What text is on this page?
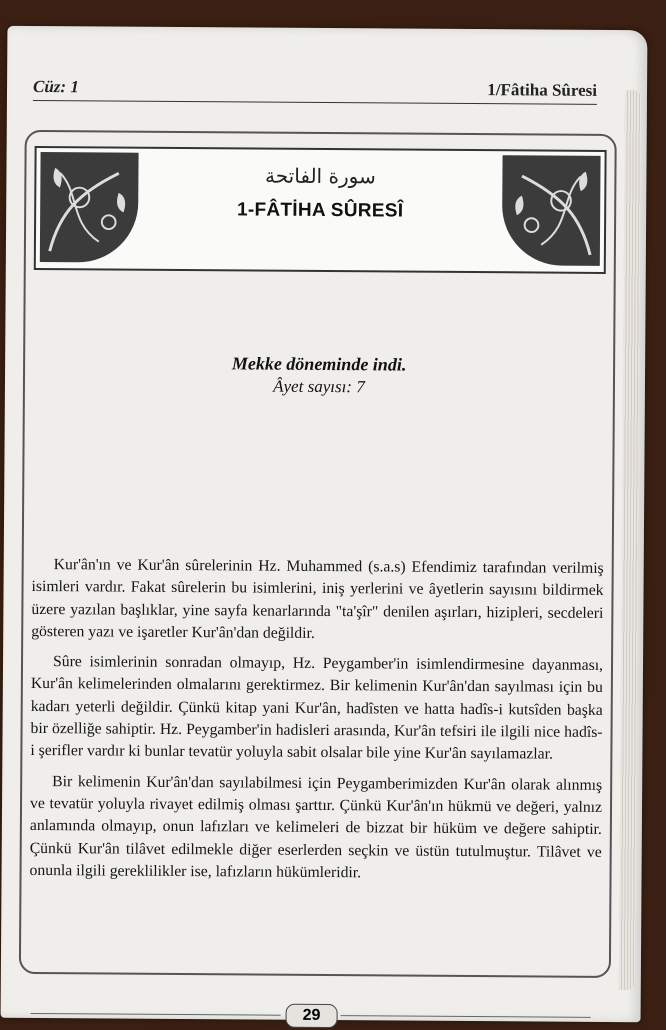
Cüz: 1	1/Fâtiha Sûresi
سورة الفاتحة
1-FÂTİHA SÛRESÎ
Mekke döneminde indi.
Âyet sayısı: 7

Kur'ân'ın ve Kur'ân sûrelerinin Hz. Muhammed (s.a.s) Efendimiz tarafından verilmiş isimleri vardır. Fakat sûrelerin bu isimlerini, iniş yerlerini ve âyetlerin sayısını bildirmek üzere yazılan başlıklar, yine sayfa kenarlarında "ta'şîr" denilen aşırları, hizipleri, secdeleri gösteren yazı ve işaretler Kur'ân'dan değildir.

Sûre isimlerinin sonradan olmayıp, Hz. Peygamber'in isimlendirmesine dayanması, Kur'ân kelimelerinden olmalarını gerektirmez. Bir kelimenin Kur'ân'dan sayılması için bu kadarı yeterli değildir. Çünkü kitap yani Kur'ân, hadîsten ve hatta hadîs-i kutsîden başka bir özelliğe sahiptir. Hz. Peygamber'in hadisleri arasında, Kur'ân tefsiri ile ilgili nice hadîs-i şerifler vardır ki bunlar tevatür yoluyla sabit olsalar bile yine Kur'ân sayılamazlar.

Bir kelimenin Kur'ân'dan sayılabilmesi için Peygamberimizden Kur'ân olarak alınmış ve tevatür yoluyla rivayet edilmiş olması şarttır. Çünkü Kur'ân'ın hükmü ve değeri, yalnız anlamında olmayıp, onun lafızları ve kelimeleri de bizzat bir hüküm ve değere sahiptir. Çünkü Kur'ân tilâvet edilmekle diğer eserlerden seçkin ve üstün tutulmuştur. Tilâvet ve onunla ilgili gereklilikler ise, lafızların hükümleridir.

29
